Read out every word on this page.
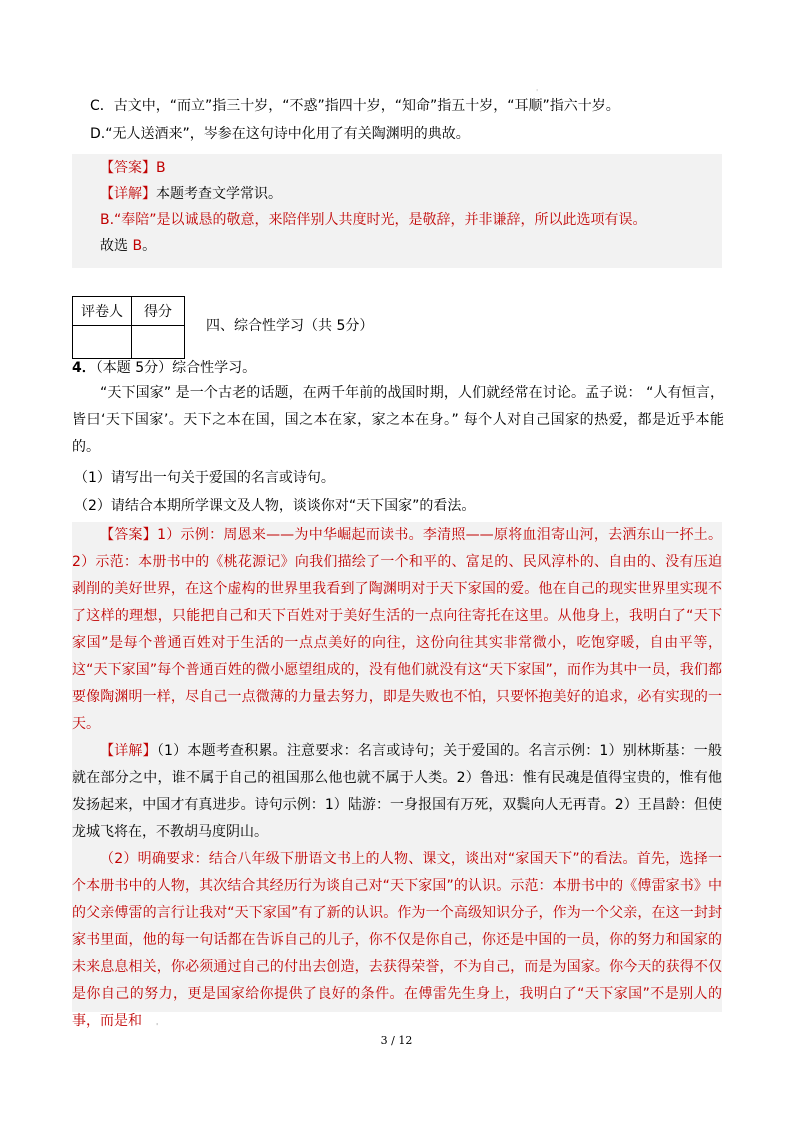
'
C．古文中，“而立”指三十岁，“不惑”指四十岁，“知命”指五十岁，“耳顺”指六十岁。
D.“无人送酒来”，岑参在这句诗中化用了有关陶渊明的典故。
【答案】B
【详解】本题考查文学常识。
B.“奉陪”是以诚恳的敬意，来陪伴别人共度时光，是敬辞，并非谦辞，所以此选项有误。
故选 B。
评卷人	得分

四、综合性学习（共 5分）
4．（本题 5分）综合性学习。
“天下国家” 是一个古老的话题，在两千年前的战国时期，人们就经常在讨论。孟子说： “人有恒言，皆曰‘天下国家’。天下之本在国，国之本在家，家之本在身。” 每个人对自己国家的热爱，都是近乎本能的。
（1）请写出一句关于爱国的名言或诗句。
（2）请结合本期所学课文及人物，谈谈你对“天下国家”的看法。
【答案】1）示例：周恩来——为中华崛起而读书。李清照——原将血泪寄山河，去洒东山一抔土。2）示范：本册书中的《桃花源记》向我们描绘了一个和平的、富足的、民风淳朴的、自由的、没有压迫剥削的美好世界，在这个虚构的世界里我看到了陶渊明对于天下家国的爱。他在自己的现实世界里实现不了这样的理想，只能把自己和天下百姓对于美好生活的一点向往寄托在这里。从他身上，我明白了“天下家国”是每个普通百姓对于生活的一点点美好的向往，这份向往其实非常微小，吃饱穿暖，自由平等，这“天下家国”每个普通百姓的微小愿望组成的，没有他们就没有这“天下家国”，而作为其中一员，我们都要像陶渊明一样，尽自己一点微薄的力量去努力，即是失败也不怕，只要怀抱美好的追求，必有实现的一天。
【详解】（1）本题考查积累。注意要求：名言或诗句；关于爱国的。名言示例：1）别林斯基：一般就在部分之中，谁不属于自己的祖国那么他也就不属于人类。2）鲁迅：惟有民魂是值得宝贵的，惟有他发扬起来，中国才有真进步。诗句示例：1）陆游：一身报国有万死，双鬓向人无再青。2）王昌龄：但使龙城飞将在，不教胡马度阴山。
（2）明确要求：结合八年级下册语文书上的人物、课文，谈出对“家国天下”的看法。首先，选择一个本册书中的人物，其次结合其经历行为谈自己对“天下家国”的认识。示范：本册书中的《傅雷家书》中的父亲傅雷的言行让我对“天下家国”有了新的认识。作为一个高级知识分子，作为一个父亲，在这一封封家书里面，他的每一句话都在告诉自己的儿子，你不仅是你自己，你还是中国的一员，你的努力和国家的未来息息相关，你必须通过自己的付出去创造，去获得荣誉，不为自己，而是为国家。你今天的获得不仅是你自己的努力，更是国家给你提供了良好的条件。在傅雷先生身上，我明白了“天下家国”不是别人的事，而是和	'
3 / 12
